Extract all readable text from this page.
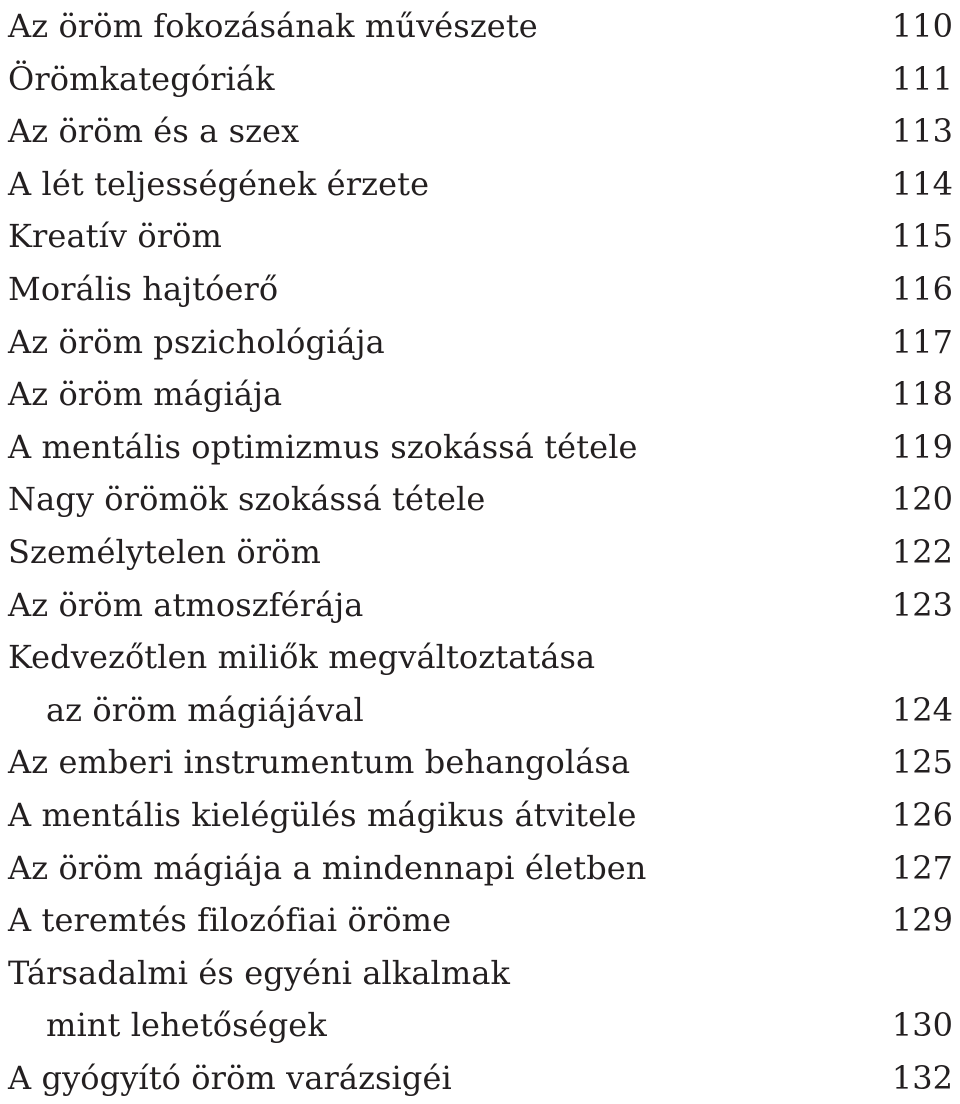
Az öröm fokozásának művészete	110
Örömkategóriák	111
Az öröm és a szex	113
A lét teljességének érzete	114
Kreatív öröm	115
Morális hajtóerő	116
Az öröm pszichológiája	117
Az öröm mágiája	118
A mentális optimizmus szokássá tétele	119
Nagy örömök szokássá tétele	120
Személytelen öröm	122
Az öröm atmoszférája	123
Kedvezőtlen miliők megváltoztatása
az öröm mágiájával	124
Az emberi instrumentum behangolása	125
A mentális kielégülés mágikus átvitele	126
Az öröm mágiája a mindennapi életben	127
A teremtés filozófiai öröme	129
Társadalmi és egyéni alkalmak
mint lehetőségek	130
A gyógyító öröm varázsigéi	132
